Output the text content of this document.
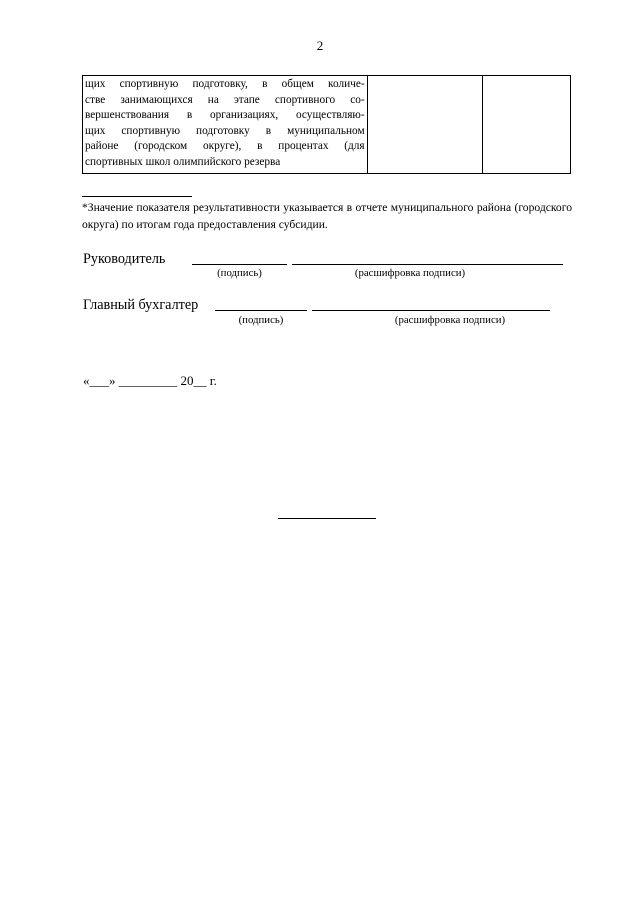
2
щих спортивную подготовку, в общем количе-
стве занимающихся на этапе спортивного со-
вершенствования в организациях, осуществляю-
щих спортивную подготовку в муниципальном
районе (городском округе), в процентах (для
спортивных школ олимпийского резерва

*Значение показателя результативности указывается в отчете муниципального района (городского округа) по итогам года предоставления субсидии.
Руководитель
(подпись)	(расшифровка подписи)
Главный бухгалтер
(подпись)	(расшифровка подписи)
«___» _________ 20__ г.
